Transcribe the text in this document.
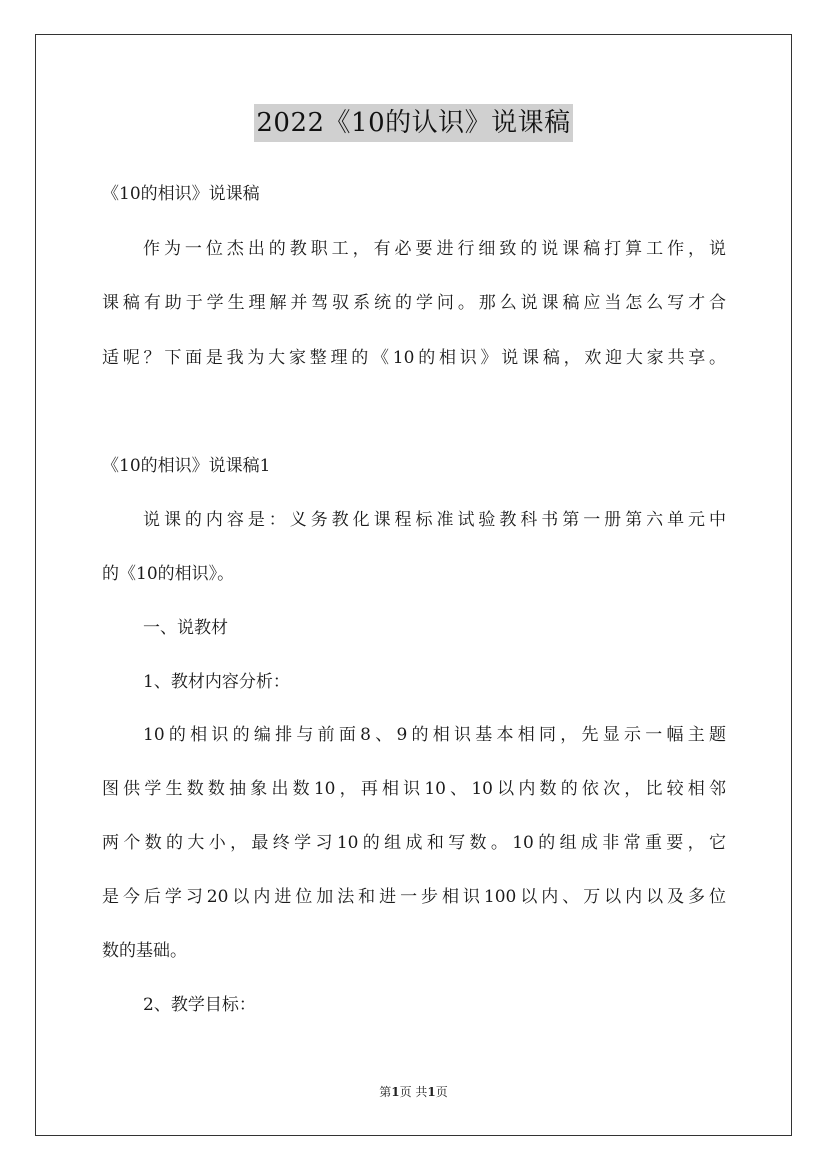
2022《10的认识》说课稿
《10的相识》说课稿
作为一位杰出的教职工，有必要进行细致的说课稿打算工作，说
课稿有助于学生理解并驾驭系统的学问。那么说课稿应当怎么写才合
适呢？下面是我为大家整理的《10的相识》说课稿，欢迎大家共享。
《10的相识》说课稿1
说课的内容是：义务教化课程标准试验教科书第一册第六单元中
的《10的相识》。
一、说教材
1、教材内容分析：
10的相识的编排与前面8、9的相识基本相同，先显示一幅主题
图供学生数数抽象出数10，再相识10、10以内数的依次，比较相邻
两个数的大小，最终学习10的组成和写数。10的组成非常重要，它
是今后学习20以内进位加法和进一步相识100以内、万以内以及多位
数的基础。
2、教学目标：
第1页 共1页
